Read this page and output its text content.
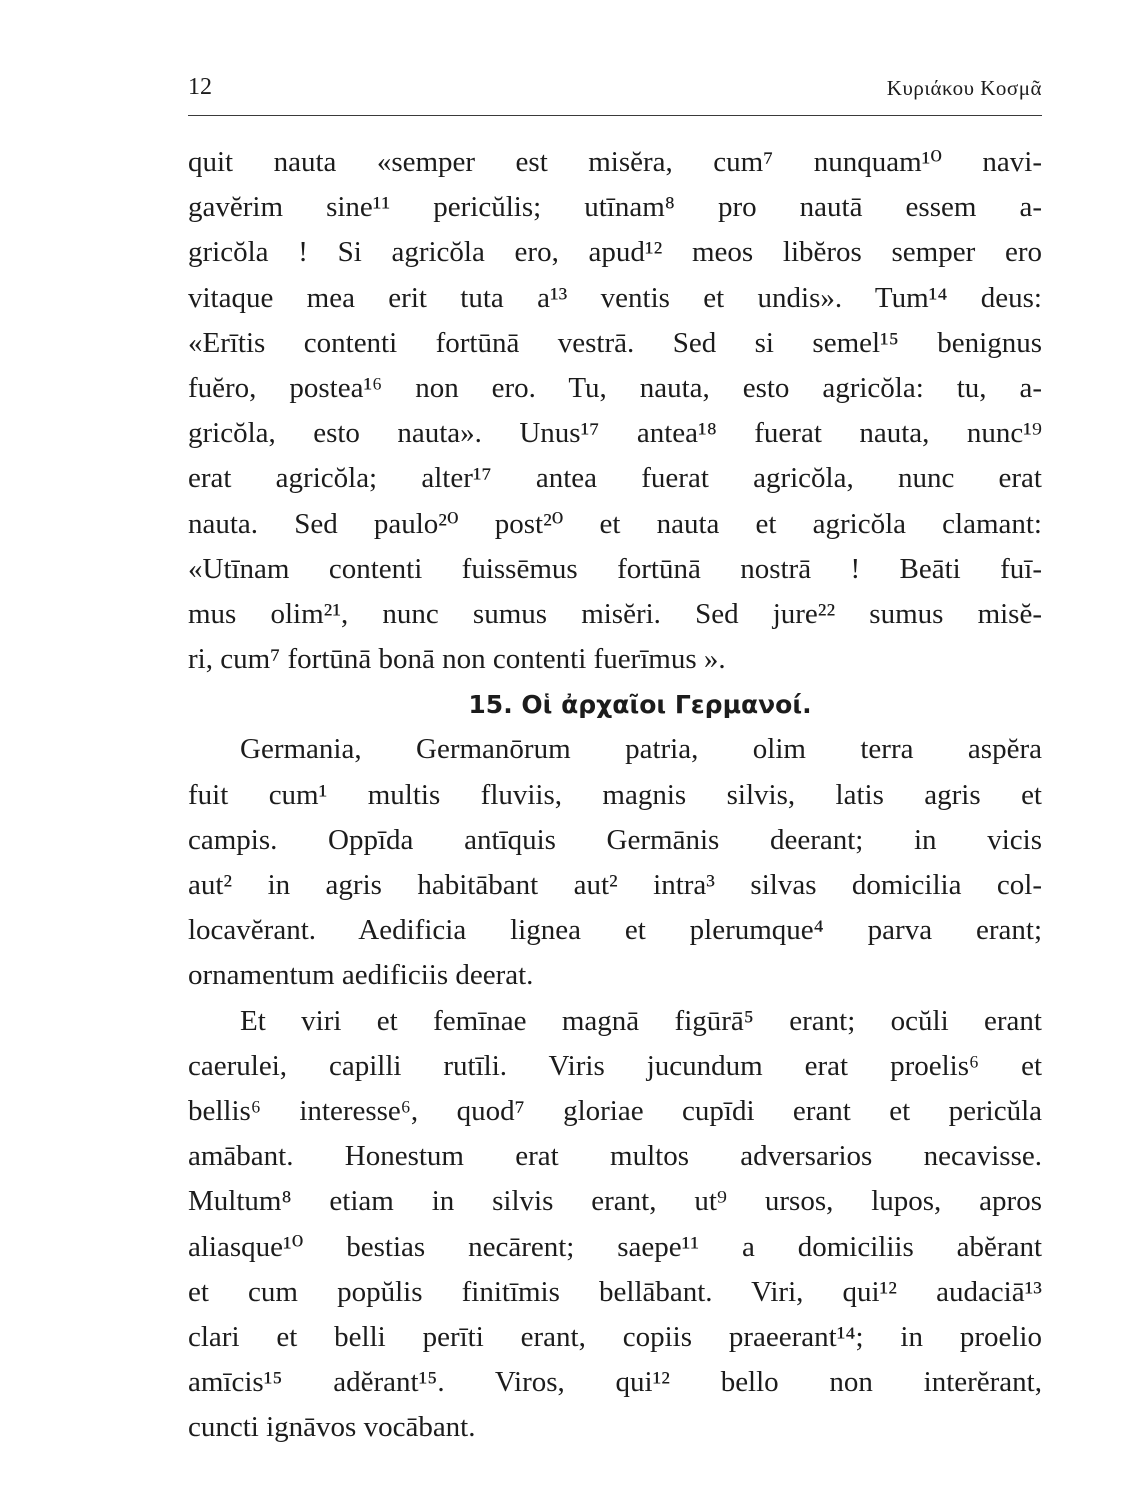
12	Κυριάκου Κοσμᾶ
quit nauta «semper est misĕra, cum⁷ nunquam¹⁰ navi-
gavĕrim sine¹¹ pericŭlis; utīnam⁸ pro nautā essem a-
gricŏla ! Si agricŏla ero, apud¹² meos libĕros semper ero
vitaque mea erit tuta a¹³ ventis et undis». Tum¹⁴ deus:
«Erītis contenti fortūnā vestrā. Sed si semel¹⁵ benignus
fuĕro, postea¹⁶ non ero. Tu, nauta, esto agricŏla: tu, a-
gricŏla, esto nauta». Unus¹⁷ antea¹⁸ fuerat nauta, nunc¹⁹
erat agricŏla; alter¹⁷ antea fuerat agricŏla, nunc erat
nauta. Sed paulo²⁰ post²⁰ et nauta et agricŏla clamant:
«Utīnam contenti fuissēmus fortūnā nostrā ! Beāti fuī-
mus olim²¹, nunc sumus misĕri. Sed jure²² sumus misĕ-
ri, cum⁷ fortūnā bonā non contenti fuerīmus ».
15. Οἱ ἀρχαῖοι Γερμανοί.
Germania, Germanōrum patria, olim terra aspĕra
fuit cum¹ multis fluviis, magnis silvis, latis agris et
campis. Oppīda antīquis Germānis deerant; in vicis
aut² in agris habitābant aut² intra³ silvas domicilia col-
locavĕrant. Aedificia lignea et plerumque⁴ parva erant;
ornamentum aedificiis deerat.
Et viri et femīnae magnā figūrā⁵ erant; ocŭli erant
caerulei, capilli rutīli. Viris jucundum erat proelis⁶ et
bellis⁶ interesse⁶, quod⁷ gloriae cupīdi erant et pericŭla
amābant. Honestum erat multos adversarios necavisse.
Multum⁸ etiam in silvis erant, ut⁹ ursos, lupos, apros
aliasque¹⁰ bestias necārent; saepe¹¹ a domiciliis abĕrant
et cum popŭlis finitīmis bellābant. Viri, qui¹² audaciā¹³
clari et belli perīti erant, copiis praeerant¹⁴; in proelio
amīcis¹⁵ adĕrant¹⁵. Viros, qui¹² bello non interĕrant,
cuncti ignāvos vocābant.
